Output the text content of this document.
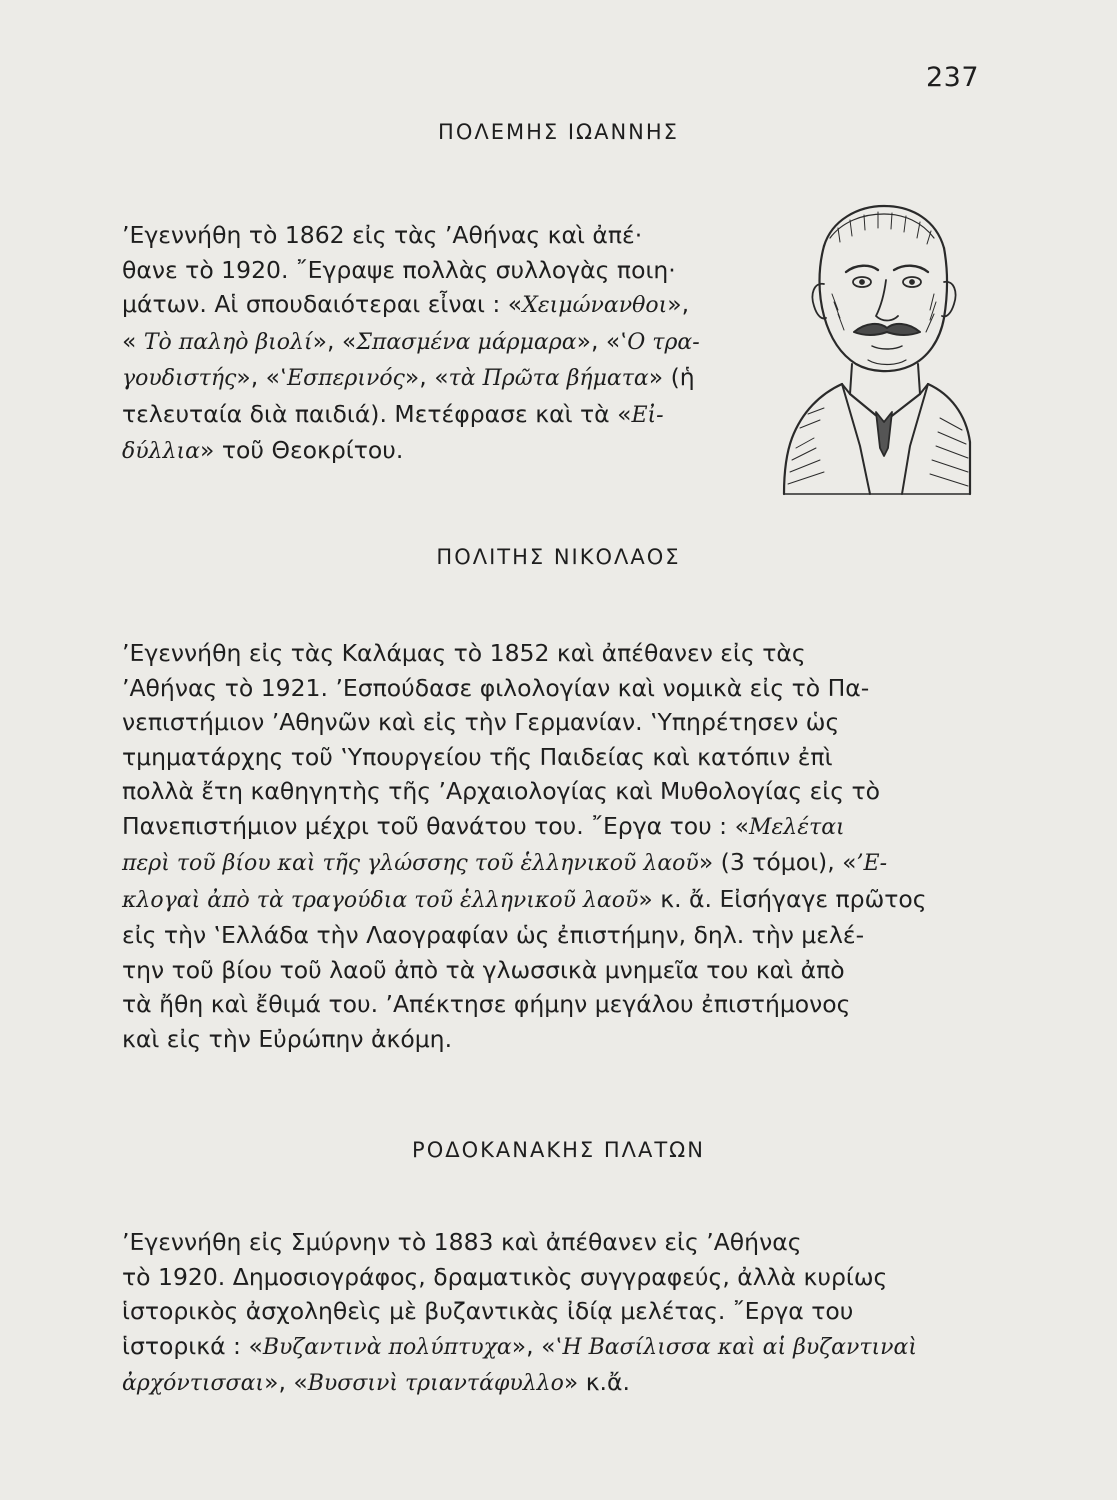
237
ΠΟΛΕΜΗΣ ΙΩΑΝΝΗΣ
’Εγεννήθη τὸ 1862 εἰς τὰς ’Αθήνας καὶ ἀπέ·
θανε τὸ 1920. ῎Εγραψε πολλὰς συλλογὰς ποιη·
μάτων. Αἱ σπουδαιότεραι εἶναι : «Χειμώνανθοι»,
« Τὸ παληὸ βιολί», «Σπασμένα μάρμαρα», «‛Ο τρα-
γουδιστής», «‛Εσπερινός», «τὰ Πρῶτα βήματα» (ἡ
τελευταία διὰ παιδιά). Μετέφρασε καὶ τὰ «Εἰ-
δύλλια» τοῦ Θεοκρίτου.
ΠΟΛΙΤΗΣ ΝΙΚΟΛΑΟΣ
’Εγεννήθη εἰς τὰς Καλάμας τὸ 1852 καὶ ἀπέθανεν εἰς τὰς
’Αθήνας τὸ 1921. ’Εσπούδασε φιλολογίαν καὶ νομικὰ εἰς τὸ Πα-
νεπιστήμιον ’Αθηνῶν καὶ εἰς τὴν Γερμανίαν. ‛Υπηρέτησεν ὡς
τμηματάρχης τοῦ ‛Υπουργείου τῆς Παιδείας καὶ κατόπιν ἐπὶ
πολλὰ ἔτη καθηγητὴς τῆς ’Αρχαιολογίας καὶ Μυθολογίας εἰς τὸ
Πανεπιστήμιον μέχρι τοῦ θανάτου του. ῎Εργα του : «Μελέται
περὶ τοῦ βίου καὶ τῆς γλώσσης τοῦ ἑλληνικοῦ λαοῦ» (3 τόμοι), «’Ε-
κλογαὶ ἀπὸ τὰ τραγούδια τοῦ ἑλληνικοῦ λαοῦ» κ. ἄ. Εἰσήγαγε πρῶτος
εἰς τὴν ‛Ελλάδα τὴν Λαογραφίαν ὡς ἐπιστήμην, δηλ. τὴν μελέ-
την τοῦ βίου τοῦ λαοῦ ἀπὸ τὰ γλωσσικὰ μνημεῖα του καὶ ἀπὸ
τὰ ἤθη καὶ ἔθιμά του. ’Απέκτησε φήμην μεγάλου ἐπιστήμονος
καὶ εἰς τὴν Εὐρώπην ἀκόμη.
ΡΟΔΟΚΑΝΑΚΗΣ ΠΛΑΤΩΝ
’Εγεννήθη εἰς Σμύρνην τὸ 1883 καὶ ἀπέθανεν εἰς ’Αθήνας
τὸ 1920. Δημοσιογράφος, δραματικὸς συγγραφεύς, ἀλλὰ κυρίως
ἱστορικὸς ἀσχοληθεὶς μὲ βυζαντικὰς ἰδίᾳ μελέτας. ῎Εργα του
ἱστορικά : «Βυζαντινὰ πολύπτυχα», «‛Η Βασίλισσα καὶ αἱ βυζαντιναὶ
ἀρχόντισσαι», «Βυσσινὶ τριαντάφυλλο» κ.ἄ.
